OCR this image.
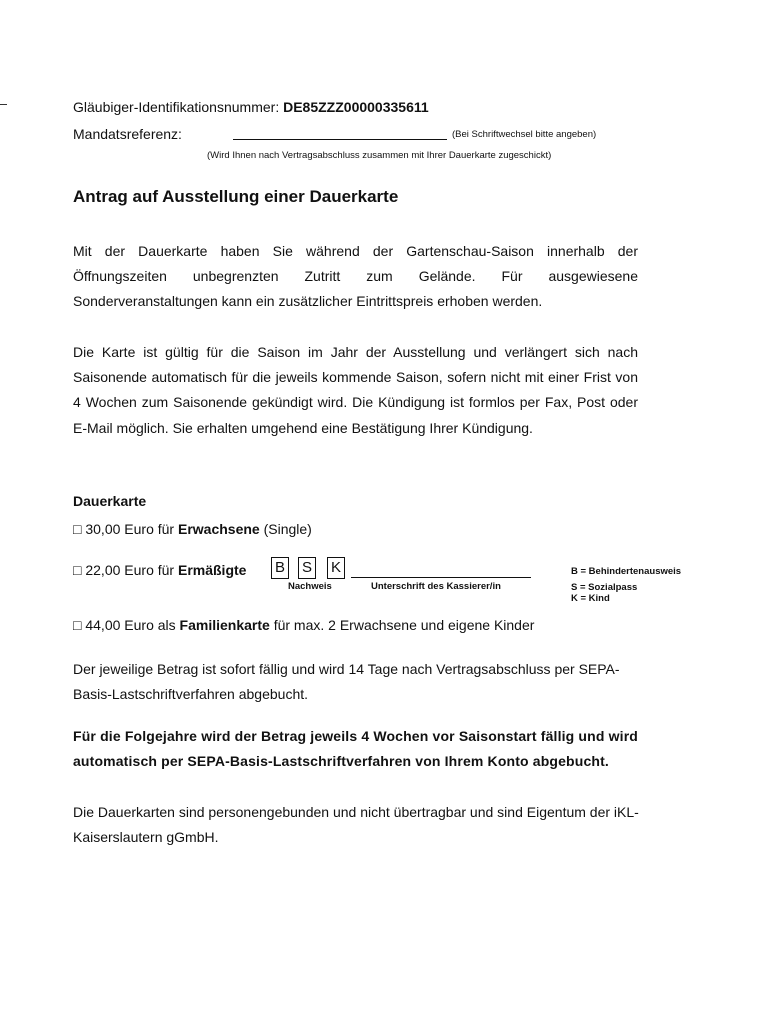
Gläubiger-Identifikationsnummer: DE85ZZZ00000335611
Mandatsreferenz:	(Bei Schriftwechsel bitte angeben)
(Wird Ihnen nach Vertragsabschluss zusammen mit Ihrer Dauerkarte zugeschickt)
Antrag auf Ausstellung einer Dauerkarte
Mit der Dauerkarte haben Sie während der Gartenschau-Saison innerhalb der Öffnungszeiten unbegrenzten Zutritt zum Gelände. Für ausgewiesene Sonderveranstaltungen kann ein zusätzlicher Eintrittspreis erhoben werden.
Die Karte ist gültig für die Saison im Jahr der Ausstellung und verlängert sich nach Saisonende automatisch für die jeweils kommende Saison, sofern nicht mit einer Frist von 4 Wochen zum Saisonende gekündigt wird. Die Kündigung ist formlos per Fax, Post oder E-Mail möglich. Sie erhalten umgehend eine Bestätigung Ihrer Kündigung.
Dauerkarte
□ 30,00 Euro für Erwachsene (Single)
□ 22,00 Euro für Ermäßigte B S K
Nachweis	Unterschrift des Kassierer/in
B = Behindertenausweis
S = Sozialpass
K = Kind
□ 44,00 Euro als Familienkarte für max. 2 Erwachsene und eigene Kinder
Der jeweilige Betrag ist sofort fällig und wird 14 Tage nach Vertragsabschluss per SEPA-Basis-Lastschriftverfahren abgebucht.
Für die Folgejahre wird der Betrag jeweils 4 Wochen vor Saisonstart fällig und wird automatisch per SEPA-Basis-Lastschriftverfahren von Ihrem Konto abgebucht.
Die Dauerkarten sind personengebunden und nicht übertragbar und sind Eigentum der iKL-Kaiserslautern gGmbH.
